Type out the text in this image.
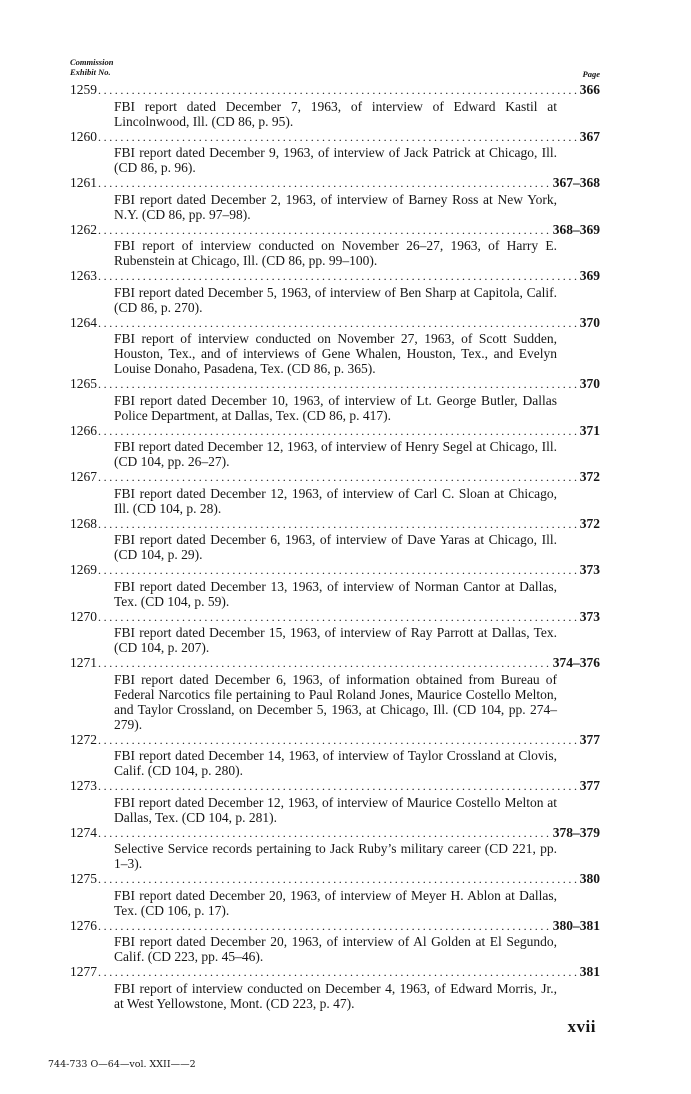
Commission
Exhibit No.	Page
1259 .....	366
FBI report dated December 7, 1963, of interview of Edward Kastil at Lincolnwood, Ill. (CD 86, p. 95).
1260 .....	367
FBI report dated December 9, 1963, of interview of Jack Patrick at Chicago, Ill. (CD 86, p. 96).
1261 .....	367–368
FBI report dated December 2, 1963, of interview of Barney Ross at New York, N.Y. (CD 86, pp. 97–98).
1262 .....	368–369
FBI report of interview conducted on November 26–27, 1963, of Harry E. Rubenstein at Chicago, Ill. (CD 86, pp. 99–100).
1263 .....	369
FBI report dated December 5, 1963, of interview of Ben Sharp at Capitola, Calif. (CD 86, p. 270).
1264 .....	370
FBI report of interview conducted on November 27, 1963, of Scott Sudden, Houston, Tex., and of interviews of Gene Whalen, Houston, Tex., and Evelyn Louise Donaho, Pasadena, Tex. (CD 86, p. 365).
1265 .....	370
FBI report dated December 10, 1963, of interview of Lt. George Butler, Dallas Police Department, at Dallas, Tex. (CD 86, p. 417).
1266 .....	371
FBI report dated December 12, 1963, of interview of Henry Segel at Chicago, Ill. (CD 104, pp. 26–27).
1267 .....	372
FBI report dated December 12, 1963, of interview of Carl C. Sloan at Chicago, Ill. (CD 104, p. 28).
1268 .....	372
FBI report dated December 6, 1963, of interview of Dave Yaras at Chicago, Ill. (CD 104, p. 29).
1269 .....	373
FBI report dated December 13, 1963, of interview of Norman Cantor at Dallas, Tex. (CD 104, p. 59).
1270 .....	373
FBI report dated December 15, 1963, of interview of Ray Parrott at Dallas, Tex. (CD 104, p. 207).
1271 .....	374–376
FBI report dated December 6, 1963, of information obtained from Bureau of Federal Narcotics file pertaining to Paul Roland Jones, Maurice Costello Melton, and Taylor Crossland, on December 5, 1963, at Chicago, Ill. (CD 104, pp. 274–279).
1272 .....	377
FBI report dated December 14, 1963, of interview of Taylor Crossland at Clovis, Calif. (CD 104, p. 280).
1273 .....	377
FBI report dated December 12, 1963, of interview of Maurice Costello Melton at Dallas, Tex. (CD 104, p. 281).
1274 .....	378–379
Selective Service records pertaining to Jack Ruby’s military career (CD 221, pp. 1–3).
1275 .....	380
FBI report dated December 20, 1963, of interview of Meyer H. Ablon at Dallas, Tex. (CD 106, p. 17).
1276 .....	380–381
FBI report dated December 20, 1963, of interview of Al Golden at El Segundo, Calif. (CD 223, pp. 45–46).
1277 .....	381
FBI report of interview conducted on December 4, 1963, of Edward Morris, Jr., at West Yellowstone, Mont. (CD 223, p. 47).
xvii
744-733 O—64—vol. XXII——2
